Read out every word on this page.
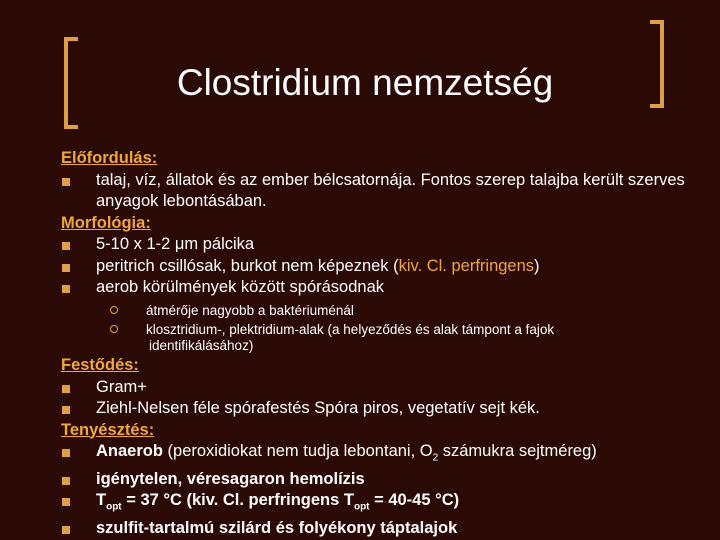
Clostridium nemzetség
Előfordulás:
talaj, víz, állatok és az ember bélcsatornája. Fontos szerep talajba került szerves
anyagok lebontásában.
Morfológia:
5-10 x 1-2 μm pálcika
peritrich csillósak, burkot nem képeznek (kiv. Cl. perfringens)
aerob körülmények között spórásodnak
átmérője nagyobb a baktériuménál
klosztridium-, plektridium-alak (a helyeződés és alak támpont a fajok
identifikálásához)
Festődés:
Gram+
Ziehl-Nelsen féle spórafestés Spóra piros, vegetatív sejt kék.
Tenyésztés:
Anaerob (peroxidiokat nem tudja lebontani, $O_2$ számukra sejtméreg)
igénytelen, véresagaron hemolízis
$T_{opt} = 37$ °C (kiv. Cl. perfringens $T_{opt} = 40-45$ °C)
szulfit-tartalmú szilárd és folyékony táptalajok
